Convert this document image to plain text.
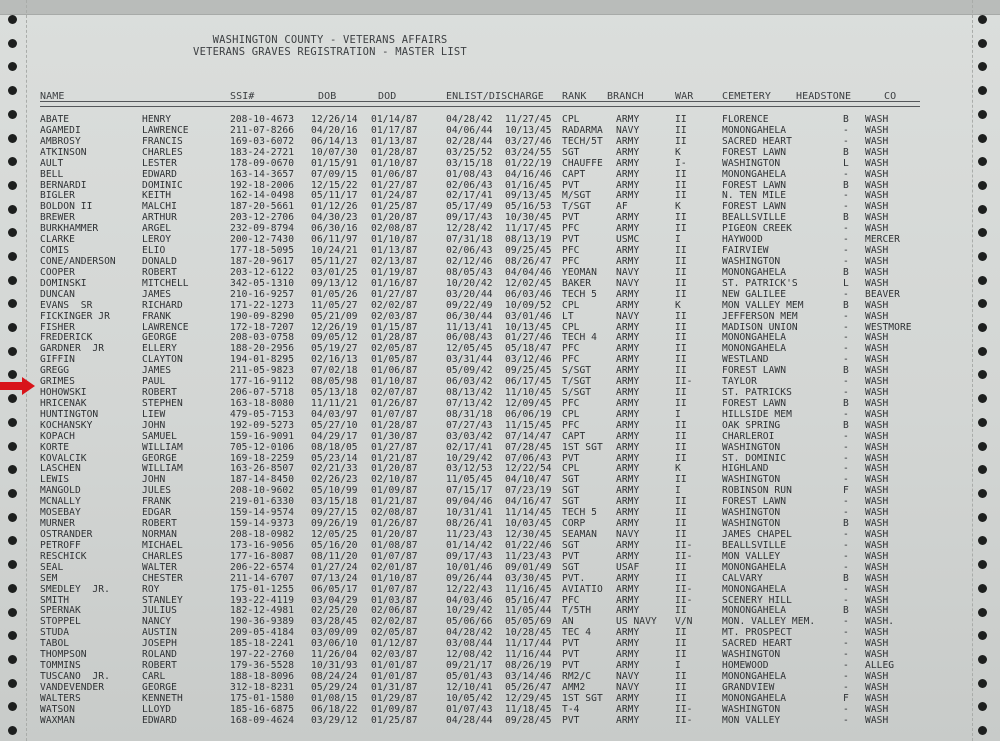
WASHINGTON COUNTY - VETERANS AFFAIRS
VETERANS GRAVES REGISTRATION - MASTER LIST
NAME	SSI#	DOB	DOD	ENLIST/DISCHARGE RANK BRANCH	WAR	CEMETERY	HEADSTONE	CO
ABATE	HENRY	208-10-4673 12/26/14 01/14/87	04/28/42 11/27/45 CPL	ARMY	II	FLORENCE	B WASH
AGAMEDI	LAWRENCE	211-07-8266 04/20/16 01/17/87	04/06/44 10/13/45 RADARMA NAVY	II	MONONGAHELA	- WASH
AMBROSY	FRANCIS	169-03-6072 06/14/13 01/13/87	02/28/44 03/27/46 TECH/5T ARMY	II	SACRED HEART	- WASH
ATKINSON	CHARLES	183-24-2721 10/07/30 01/28/87	03/25/52 03/24/55 SGT	ARMY	K	FOREST LAWN	B WASH
AULT	LESTER	178-09-0670 01/15/91 01/10/87	03/15/18 01/22/19 CHAUFFE ARMY	I-	WASHINGTON	L WASH
BELL	EDWARD	163-14-3657 07/09/15 01/06/87	01/08/43 04/16/46 CAPT	ARMY	II	MONONGAHELA	- WASH
BERNARDI	DOMINIC	192-18-2006 12/15/22 01/27/87	02/06/43 01/16/45 PVT	ARMY	II	FOREST LAWN	B WASH
BIGLER	KEITH	162-14-0498 05/11/17 01/24/87	02/17/41 09/13/45 M/SGT	ARMY	II	N. TEN MILE	- WASH
BOLDON II	MALCHI	187-20-5661 01/12/26 01/25/87	05/17/49 05/16/53 T/SGT	AF	K	FOREST LAWN	- WASH
BREWER	ARTHUR	203-12-2706 04/30/23 01/20/87	09/17/43 10/30/45 PVT	ARMY	II	BEALLSVILLE	B WASH
BURKHAMMER	ARGEL	232-09-8794 06/30/16 02/08/87	12/28/42 11/17/45 PFC	ARMY	II	PIGEON CREEK	- WASH
CLARKE	LEROY	200-12-7430 06/11/97 01/10/87	07/31/18 08/13/19 PVT	USMC	I	HAYWOOD	- MERCER
COMIS	ELIO	177-18-5095 10/24/21 01/13/87	02/06/43 09/25/45 PFC	ARMY	II	FAIRVIEW	- WASH
CONE/ANDERSON	DONALD	187-20-9617 05/11/27 02/13/87	02/12/46 08/26/47 PFC	ARMY	II	WASHINGTON	- WASH
COOPER	ROBERT	203-12-6122 03/01/25 01/19/87	08/05/43 04/04/46 YEOMAN NAVY	II	MONONGAHELA	B WASH
DOMINSKI	MITCHELL	342-05-1310 09/13/12 01/16/87	10/20/42 12/02/45 BAKER	NAVY	II	ST. PATRICK'S	L WASH
DUNCAN	JAMES	210-16-9257 01/05/26 01/27/87	03/20/44 06/03/46 TECH 5 ARMY	II	NEW GALILEE	- BEAVER
EVANS  SR	RICHARD	171-22-1273 11/05/27 02/02/87	09/22/49 10/09/52 CPL	ARMY	K	MON VALLEY MEM	B WASH
FICKINGER JR	FRANK	190-09-8290 05/21/09 02/03/87	06/30/44 03/01/46 LT	NAVY	II	JEFFERSON MEM	- WASH
FISHER	LAWRENCE	172-18-7207 12/26/19 01/15/87	11/13/41 10/13/45 CPL	ARMY	II	MADISON UNION	- WESTMORE
FREDERICK	GEORGE	208-03-0758 09/05/12 01/28/87	06/08/43 01/27/46 TECH 4 ARMY	II	MONONGAHELA	- WASH
GARDNER  JR	ELLERY	188-20-2956 05/19/27 02/05/87	12/05/45 05/18/47 PFC	ARMY	II	MONONGAHELA	- WASH
GIFFIN	CLAYTON	194-01-8295 02/16/13 01/05/87	03/31/44 03/12/46 PFC	ARMY	II	WESTLAND	- WASH
GREGG	JAMES	211-05-9823 07/02/18 01/06/87	05/09/42 09/25/45 S/SGT	ARMY	II	FOREST LAWN	B WASH
GRIMES	PAUL	177-16-9112 08/05/98 01/10/87	06/03/42 06/17/45 T/SGT	ARMY	II-	TAYLOR	- WASH
HOHOWSKI	ROBERT	206-07-5718 05/13/18 02/07/87	08/13/42 11/10/45 S/SGT	ARMY	II	ST. PATRICKS	- WASH
HRICENAK	STEPHEN	163-18-8080 11/11/21 01/26/87	07/13/42 12/09/45 PFC	ARMY	II	FOREST LAWN	B WASH
HUNTINGTON	LIEW	479-05-7153 04/03/97 01/07/87	08/31/18 06/06/19 CPL	ARMY	I	HILLSIDE MEM	- WASH
KOCHANSKY	JOHN	192-09-5273 05/27/10 01/28/87	07/27/43 11/15/45 PFC	ARMY	II	OAK SPRING	B WASH
KOPACH	SAMUEL	159-16-9091 04/29/17 01/30/87	03/03/42 07/14/47 CAPT	ARMY	II	CHARLEROI	- WASH
KORTE	WILLIAM	705-12-0106 08/18/05 01/27/87	02/17/41 07/28/45 1ST SGT ARMY	II	WASHINGTON	- WASH
KOVALCIK	GEORGE	169-18-2259 05/23/14 01/21/87	10/29/42 07/06/43 PVT	ARMY	II	ST. DOMINIC	- WASH
LASCHEN	WILLIAM	163-26-8507 02/21/33 01/20/87	03/12/53 12/22/54 CPL	ARMY	K	HIGHLAND	- WASH
LEWIS	JOHN	187-14-8450 02/26/23 02/10/87	11/05/45 04/10/47 SGT	ARMY	II	WASHINGTON	- WASH
MANGOLD	JULES	208-10-9602 05/10/99 01/09/87	07/15/17 07/23/19 SGT	ARMY	I	ROBINSON RUN	F WASH
MCNALLY	FRANK	219-01-6330 03/15/18 01/21/87	09/04/46 04/16/47 SGT	ARMY	II	FOREST LAWN	- WASH
MOSEBAY	EDGAR	159-14-9574 09/27/15 02/08/87	10/31/41 11/14/45 TECH 5 ARMY	II	WASHINGTON	- WASH
MURNER	ROBERT	159-14-9373 09/26/19 01/26/87	08/26/41 10/03/45 CORP	ARMY	II	WASHINGTON	B WASH
OSTRANDER	NORMAN	208-18-0982 12/05/25 01/20/87	11/23/43 12/30/45 SEAMAN NAVY	II	JAMES CHAPEL	- WASH
PETROFF	MICHAEL	173-16-9056 05/16/20 01/08/87	01/14/42 01/22/46 SGT	ARMY	II-	BEALLSVILLE	- WASH
RESCHICK	CHARLES	177-16-8087 08/11/20 01/07/87	09/17/43 11/23/43 PVT	ARMY	II-	MON VALLEY	- WASH
SEAL	WALTER	206-22-6574 01/27/24 02/01/87	10/01/46 09/01/49 SGT	USAF	II	MONONGAHELA	- WASH
SEM	CHESTER	211-14-6707 07/13/24 01/10/87	09/26/44 03/30/45 PVT.	ARMY	II	CALVARY	B WASH
SMEDLEY  JR.	ROY	175-01-1255 06/05/17 01/07/87	12/22/43 11/16/45 AVIATIO ARMY	II-	MONONGAHELA	- WASH
SMITH	STANLEY	193-22-4119 03/04/29 01/03/87	04/03/46 05/16/47 PFC	ARMY	II-	SCENERY HILL	- WASH
SPERNAK	JULIUS	182-12-4981 02/25/20 02/06/87	10/29/42 11/05/44 T/5TH	ARMY	II	MONONGAHELA	B WASH
STOPPEL	NANCY	190-36-9389 03/28/45 02/02/87	05/06/66 05/05/69 AN	US NAVY V/N	MON. VALLEY MEM.	- WASH.
STUDA	AUSTIN	209-05-4184 03/09/09 02/05/87	04/28/42 10/28/45 TEC 4	ARMY	II	MT. PROSPECT	- WASH
TABOL	JOSEPH	185-18-2241 03/06/10 01/12/87	03/08/44 11/17/44 PVT	ARMY	II	SACRED HEART	- WASH
THOMPSON	ROLAND	197-22-2760 11/26/04 02/03/87	12/08/42 11/16/44 PVT	ARMY	II	WASHINGTON	- WASH
TOMMINS	ROBERT	179-36-5528 10/31/93 01/01/87	09/21/17 08/26/19 PVT	ARMY	I	HOMEWOOD	- ALLEG
TUSCANO  JR.	CARL	188-18-8096 08/24/24 01/01/87	05/01/43 03/14/46 RM2/C	NAVY	II	MONONGAHELA	- WASH
VANDEVENDER	GEORGE	312-18-8231 05/29/24 01/31/87	12/10/41 05/26/47 AMM2	NAVY	II	GRANDVIEW	- WASH
WALTERS	KENNETH	175-01-1580 01/08/15 01/29/87	10/05/42 12/29/45 1ST SGT ARMY	II	MONONGAHELA	F WASH
WATSON	LLOYD	185-16-6875 06/18/22 01/09/87	01/07/43 11/18/45 T-4	ARMY	II-	WASHINGTON	- WASH
WAXMAN	EDWARD	168-09-4624 03/29/12 01/25/87	04/28/44 09/28/45 PVT	ARMY	II-	MON VALLEY	- WASH
